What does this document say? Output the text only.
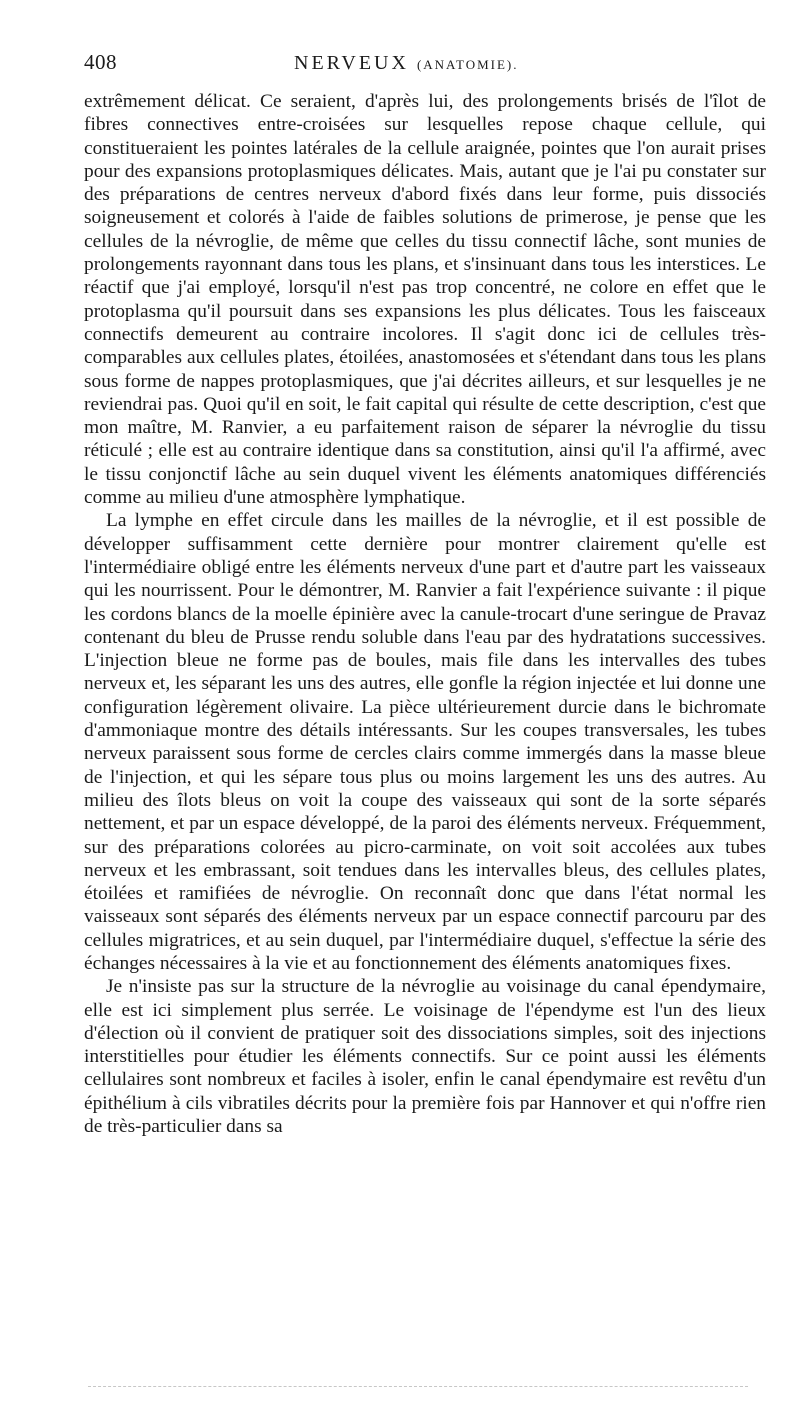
408	NERVEUX (ANATOMIE).

extrêmement délicat. Ce seraient, d'après lui, des prolongements brisés de l'îlot de fibres connectives entre-croisées sur lesquelles repose chaque cellule, qui constitueraient les pointes latérales de la cellule araignée, pointes que l'on aurait prises pour des expansions protoplasmiques délicates. Mais, autant que je l'ai pu constater sur des préparations de centres nerveux d'abord fixés dans leur forme, puis dissociés soigneusement et colorés à l'aide de faibles solutions de primerose, je pense que les cellules de la névroglie, de même que celles du tissu connectif lâche, sont munies de prolongements rayonnant dans tous les plans, et s'insinuant dans tous les interstices. Le réactif que j'ai employé, lorsqu'il n'est pas trop concentré, ne colore en effet que le protoplasma qu'il poursuit dans ses expansions les plus délicates. Tous les faisceaux connectifs demeurent au contraire incolores. Il s'agit donc ici de cellules très-comparables aux cellules plates, étoilées, anastomosées et s'étendant dans tous les plans sous forme de nappes protoplasmiques, que j'ai décrites ailleurs, et sur lesquelles je ne reviendrai pas. Quoi qu'il en soit, le fait capital qui résulte de cette description, c'est que mon maître, M. Ranvier, a eu parfaitement raison de séparer la névroglie du tissu réticulé ; elle est au contraire identique dans sa constitution, ainsi qu'il l'a affirmé, avec le tissu conjonctif lâche au sein duquel vivent les éléments anatomiques différenciés comme au milieu d'une atmosphère lymphatique.

La lymphe en effet circule dans les mailles de la névroglie, et il est possible de développer suffisamment cette dernière pour montrer clairement qu'elle est l'intermédiaire obligé entre les éléments nerveux d'une part et d'autre part les vaisseaux qui les nourrissent. Pour le démontrer, M. Ranvier a fait l'expérience suivante : il pique les cordons blancs de la moelle épinière avec la canule-trocart d'une seringue de Pravaz contenant du bleu de Prusse rendu soluble dans l'eau par des hydratations successives. L'injection bleue ne forme pas de boules, mais file dans les intervalles des tubes nerveux et, les séparant les uns des autres, elle gonfle la région injectée et lui donne une configuration légèrement olivaire. La pièce ultérieurement durcie dans le bichromate d'ammoniaque montre des détails intéressants. Sur les coupes transversales, les tubes nerveux paraissent sous forme de cercles clairs comme immergés dans la masse bleue de l'injection, et qui les sépare tous plus ou moins largement les uns des autres. Au milieu des îlots bleus on voit la coupe des vaisseaux qui sont de la sorte séparés nettement, et par un espace développé, de la paroi des éléments nerveux. Fréquemment, sur des préparations colorées au picro-carminate, on voit soit accolées aux tubes nerveux et les embrassant, soit tendues dans les intervalles bleus, des cellules plates, étoilées et ramifiées de névroglie. On reconnaît donc que dans l'état normal les vaisseaux sont séparés des éléments nerveux par un espace connectif parcouru par des cellules migratrices, et au sein duquel, par l'intermédiaire duquel, s'effectue la série des échanges nécessaires à la vie et au fonctionnement des éléments anatomiques fixes.

Je n'insiste pas sur la structure de la névroglie au voisinage du canal épendymaire, elle est ici simplement plus serrée. Le voisinage de l'épendyme est l'un des lieux d'élection où il convient de pratiquer soit des dissociations simples, soit des injections interstitielles pour étudier les éléments connectifs. Sur ce point aussi les éléments cellulaires sont nombreux et faciles à isoler, enfin le canal épendymaire est revêtu d'un épithélium à cils vibratiles décrits pour la première fois par Hannover et qui n'offre rien de très-particulier dans sa
